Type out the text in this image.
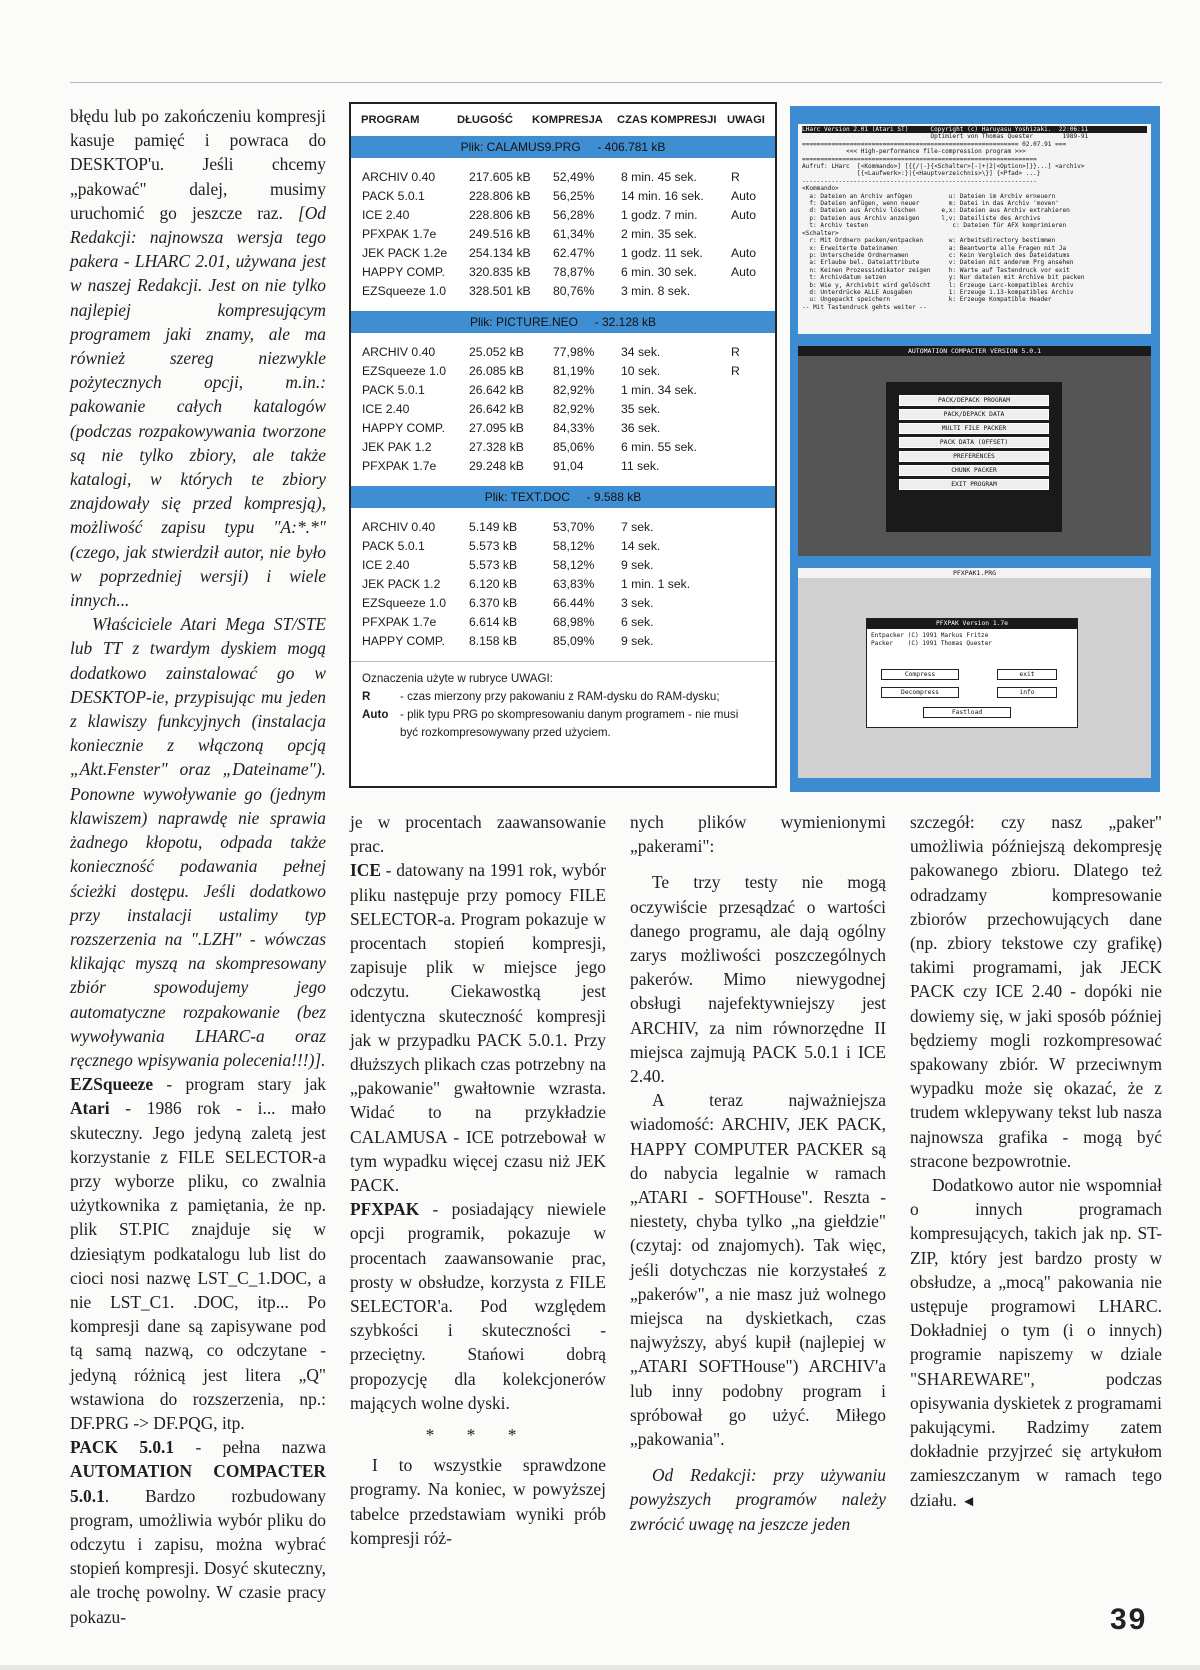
błędu lub po zakończeniu kompresji kasuje pamięć i powraca do DESKTOP'u. Jeśli chcemy „pakować" dalej, musimy uruchomić go jeszcze raz. [Od Redakcji: najnowsza wersja tego pakera - LHARC 2.01, używana jest w naszej Redakcji. Jest on nie tylko najlepiej kompresującym programem jaki znamy, ale ma również szereg niezwykle pożytecznych opcji, m.in.: pakowanie całych katalogów (podczas rozpakowywania tworzone są nie tylko zbiory, ale także katalogi, w których te zbiory znajdowały się przed kompresją), możliwość zapisu typu "A:*.*" (czego, jak stwierdził autor, nie było w poprzedniej wersji) i wiele innych...

Właściciele Atari Mega ST/STE lub TT z twardym dyskiem mogą dodatkowo zainstalować go w DESKTOP-ie, przypisując mu jeden z klawiszy funkcyjnych (instalacja koniecznie z włączoną opcją „Akt.Fenster" oraz „Dateiname"). Ponowne wywoływanie go (jednym klawiszem) naprawdę nie sprawia żadnego kłopotu, odpada także konieczność podawania pełnej ścieżki dostępu. Jeśli dodatkowo przy instalacji ustalimy typ rozszerzenia na ".LZH" - wówczas klikając myszą na skompresowany zbiór spowodujemy jego automatyczne rozpakowanie (bez wywoływania LHARC-a oraz ręcznego wpisywania polecenia!!!)].

EZSqueeze - program stary jak Atari - 1986 rok - i... mało skuteczny. Jego jedyną zaletą jest korzystanie z FILE SELECTOR-a przy wyborze pliku, co zwalnia użytkownika z pamiętania, że np. plik ST.PIC znajduje się w dziesiątym podkatalogu lub list do cioci nosi nazwę LST_C_1.DOC, a nie LST_C1. .DOC, itp... Po kompresji dane są zapisywane pod tą samą nazwą, co odczytane - jedyną różnicą jest litera „Q" wstawiona do rozszerzenia, np.: DF.PRG -> DF.PQG, itp.

PACK 5.0.1 - pełna nazwa AUTOMATION COMPACTER 5.0.1. Bardzo rozbudowany program, umożliwia wybór pliku do odczytu i zapisu, można wybrać stopień kompresji. Dosyć skuteczny, ale trochę powolny. W czasie pracy pokazu-

PROGRAM	DŁUGOŚĆ	KOMPRESJA	CZAS KOMPRESJI UWAGI
Plik: CALAMUS9.PRG - 406.781 kB
ARCHIV 0.40	217.605 kB	52,49%	8 min. 45 sek.	R
PACK 5.0.1	228.806 kB	56,25%	14 min. 16 sek.	Auto
ICE 2.40	228.806 kB	56,28%	1 godz. 7 min.	Auto
PFXPAK 1.7e	249.516 kB	61,34%	2 min. 35 sek.
JEK PACK 1.2e	254.134 kB	62.47%	1 godz. 11 sek.	Auto
HAPPY COMP.	320.835 kB	78,87%	6 min. 30 sek.	Auto
EZSqueeze 1.0	328.501 kB	80,76%	3 min. 8 sek.
Plik: PICTURE.NEO - 32.128 kB
ARCHIV 0.40	25.052 kB	77,98%	34 sek.	R
EZSqueeze 1.0	26.085 kB	81,19%	10 sek.	R
PACK 5.0.1	26.642 kB	82,92%	1 min. 34 sek.
ICE 2.40	26.642 kB	82,92%	35 sek.
HAPPY COMP.	27.095 kB	84,33%	36 sek.
JEK PAK 1.2	27.328 kB	85,06%	6 min. 55 sek.
PFXPAK 1.7e	29.248 kB	91,04	11 sek.
Plik: TEXT.DOC - 9.588 kB
ARCHIV 0.40	5.149 kB	53,70%	7 sek.
PACK 5.0.1	5.573 kB	58,12%	14 sek.
ICE 2.40	5.573 kB	58,12%	9 sek.
JEK PACK 1.2	6.120 kB	63,83%	1 min. 1 sek.
EZSqueeze 1.0	6.370 kB	66.44%	3 sek.
PFXPAK 1.7e	6.614 kB	68,98%	6 sek.
HAPPY COMP.	8.158 kB	85,09%	9 sek.
Oznaczenia użyte w rubryce UWAGI:
R	- czas mierzony przy pakowaniu z RAM-dysku do RAM-dysku;
Auto - plik typu PRG po skompresowaniu danym programem - nie musi
być rozkompresowywany przed użyciem.
LHarc Version 2.01 (Atari ST)      Copyright (c) Haruyasu Yoshizaki.  22:06:11
Optimiert von Thomas Quester        1989-91
=========================================================== 02.07.91 ===
<<< High-performance file-compression program >>>
================================================================
Aufruf: LHarc  [<Kommando>] [{{/|-}{<Schalter>[-|+|2|<Option>]}}...] <archiv>
[{<Laufwerk>:}|{<Hauptverzeichnis>\}] {<Pfad> ...}
----------------------------------------------------------------
<Kommando>
a: Dateien an Archiv anfügen          u: Dateien im Archiv erneuern
f: Dateien anfügen, wenn neuer        m: Datei in das Archiv 'moven'
d: Dateien aus Archiv löschen       e,x: Dateien aus Archiv extrahieren
p: Dateien aus Archiv anzeigen      l,v: Dateiliste des Archivs
t: Archiv testen                       c: Dateien für AFX komprimieren
<Schalter>
r: Mit Ordnern packen/entpacken       w: Arbeitsdirectory bestimmen
x: Erweiterte Dateinamen              a: Beantworte alle Fragen mit Ja
p: Unterscheide Ordnernamen           c: Kein Vergleich des Dateidatums
a: Erlaube bel. Dateiattribute        v: Dateien mit anderem Prg ansehen
n: Keinen Prozessindikator zeigen     h: Warte auf Tastendruck vor exit
t: Archivdatum setzen                 y: Nur dateien mit Archive bit packen
b: Wie y, Archivbit wird gelöscht     l: Erzeuge Larc-kompatibles Archiv
d: Unterdrücke ALLE Ausgaben          1: Erzeuge 1.13-kompatibles Archiv
u: Ungepackt speichern                k: Erzeuge Kompatible Header
-- Mit Tastendruck gehts weiter --
AUTOMATION COMPACTER VERSION 5.0.1
PACK/DEPACK PROGRAM
PACK/DEPACK DATA
MULTI FILE PACKER
PACK DATA (OFFSET)
PREFERENCES
CHUNK PACKER
EXIT PROGRAM
PFXPAK1.PRG
PFXPAK Version 1.7e
Entpacker (C) 1991 Markus Fritze
Packer    (C) 1991 Thomas Quester
Compress	exit
Decompress	info
Fastload

je w procentach zaawansowanie prac.

ICE - datowany na 1991 rok, wybór pliku następuje przy pomocy FILE SELECTOR-a. Program pokazuje w procentach stopień kompresji, zapisuje plik w miejsce jego odczytu. Ciekawostką jest identyczna skuteczność kompresji jak w przypadku PACK 5.0.1. Przy dłuższych plikach czas potrzebny na „pakowanie" gwałtownie wzrasta. Widać to na przykładzie CALAMUSA - ICE potrzebował w tym wypadku więcej czasu niż JEK PACK.

PFXPAK - posiadający niewiele opcji programik, pokazuje w procentach zaawansowanie prac, prosty w obsłudze, korzysta z FILE SELECTOR'a. Pod względem szybkości i skuteczności - przeciętny. Stańowi dobrą propozycję dla kolekcjonerów mających wolne dyski.

* * *

I to wszystkie sprawdzone programy. Na koniec, w powyższej tabelce przedstawiam wyniki prób kompresji róż-

nych plików wymienionymi „pakerami":

Te trzy testy nie mogą oczywiście przesądzać o wartości danego programu, ale dają ogólny zarys możliwości poszczególnych pakerów. Mimo niewygodnej obsługi najefektywniejszy jest ARCHIV, za nim równorzędne II miejsca zajmują PACK 5.0.1 i ICE 2.40.

A teraz najważniejsza wiadomość: ARCHIV, JEK PACK, HAPPY COMPUTER PACKER są do nabycia legalnie w ramach „ATARI - SOFTHouse". Reszta - niestety, chyba tylko „na giełdzie" (czytaj: od znajomych). Tak więc, jeśli dotychczas nie korzystałeś z „pakerów", a nie masz już wolnego miejsca na dyskietkach, czas najwyższy, abyś kupił (najlepiej w „ATARI SOFTHouse") ARCHIV'a lub inny podobny program i spróbował go użyć. Miłego „pakowania".

Od Redakcji: przy używaniu powyższych programów należy zwrócić uwagę na jeszcze jeden

szczegół: czy nasz „paker" umożliwia późniejszą dekompresję pakowanego zbioru. Dlatego też odradzamy kompresowanie zbiorów przechowujących dane (np. zbiory tekstowe czy grafikę) takimi programami, jak JECK PACK czy ICE 2.40 - dopóki nie dowiemy się, w jaki sposób później będziemy mogli rozkompresować spakowany zbiór. W przeciwnym wypadku może się okazać, że z trudem wklepywany tekst lub nasza najnowsza grafika - mogą być stracone bezpowrotnie.

Dodatkowo autor nie wspomniał o innych programach kompresujących, takich jak np. ST-ZIP, który jest bardzo prosty w obsłudze, a „mocą" pakowania nie ustępuje programowi LHARC. Dokładniej o tym (i o innych) programie napiszemy w dziale "SHAREWARE", podczas opisywania dyskietek z programami pakującymi. Radzimy zatem dokładnie przyjrzeć się artykułom zamieszczanym w ramach tego działu. ◄

39
